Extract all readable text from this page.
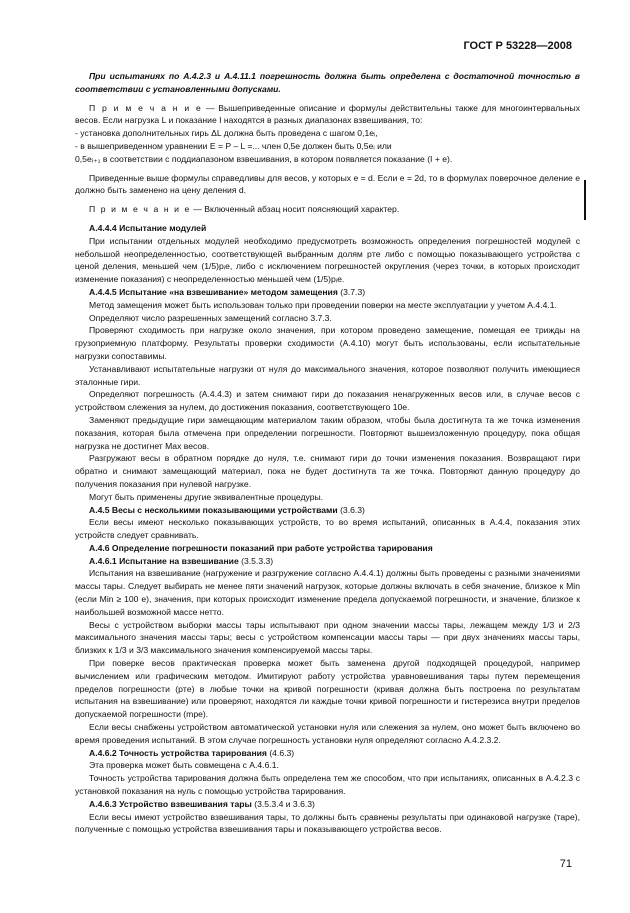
ГОСТ Р 53228—2008

При испытаниях по А.4.2.3 и А.4.11.1 погрешность должна быть определена с достаточной точностью в соответствии с установленными допусками.

П р и м е ч а н и е — Вышеприведенные описание и формулы действительны также для многоинтервальных весов. Если нагрузка L и показание I находятся в разных диапазонах взвешивания, то:

- установка дополнительных гирь ΔL должна быть проведена с шагом 0,1eᵢ,

- в вышеприведенном уравнении E = P – L =... член 0,5e должен быть 0,5eᵢ или

0,5eᵢ₊₁ в соответствии с поддиапазоном взвешивания, в котором появляется показание (I + e).

Приведенные выше формулы справедливы для весов, у которых e = d. Если e = 2d, то в формулах поверочное деление e должно быть заменено на цену деления d.

П р и м е ч а н и е — Включенный абзац носит поясняющий характер.

А.4.4.4 Испытание модулей

При испытании отдельных модулей необходимо предусмотреть возможность определения погрешностей модулей с небольшой неопределенностью, соответствующей выбранным долям pтe либо с помощью показывающего устройства с ценой деления, меньшей чем (1/5)pᵢe, либо с исключением погрешностей округления (через точки, в которых происходит изменение показания) с неопределенностью меньшей чем (1/5)pᵢe.

А.4.4.5 Испытание «на взвешивание» методом замещения (3.7.3)

Метод замещения может быть использован только при проведении поверки на месте эксплуатации у учетом А.4.4.1.

Определяют число разрешенных замещений согласно 3.7.3.

Проверяют сходимость при нагрузке около значения, при котором проведено замещение, помещая ее трижды на грузоприемную платформу. Результаты проверки сходимости (А.4.10) могут быть использованы, если испытательные нагрузки сопоставимы.

Устанавливают испытательные нагрузки от нуля до максимального значения, которое позволяют получить имеющиеся эталонные гири.

Определяют погрешность (А.4.4.3) и затем снимают гири до показания ненагруженных весов или, в случае весов с устройством слежения за нулем, до достижения показания, соответствующего 10e.

Заменяют предыдущие гири замещающим материалом таким образом, чтобы была достигнута та же точка изменения показания, которая была отмечена при определении погрешности. Повторяют вышеизложенную процедуру, пока общая нагрузка не достигнет Max весов.

Разгружают весы в обратном порядке до нуля, т.е. снимают гири до точки изменения показания. Возвращают гири обратно и снимают замещающий материал, пока не будет достигнута та же точка. Повторяют данную процедуру до получения показания при нулевой нагрузке.

Могут быть применены другие эквивалентные процедуры.

А.4.5 Весы с несколькими показывающими устройствами (3.6.3)

Если весы имеют несколько показывающих устройств, то во время испытаний, описанных в А.4.4, показания этих устройств следует сравнивать.

А.4.6 Определение погрешности показаний при работе устройства тарирования

А.4.6.1 Испытание на взвешивание (3.5.3.3)

Испытания на взвешивание (нагружение и разгружение согласно А.4.4.1) должны быть проведены с разными значениями массы тары. Следует выбирать не менее пяти значений нагрузок, которые должны включать в себя значение, близкое к Min (если Min ≥ 100 e), значения, при которых происходит изменение предела допускаемой погрешности, и значение, близкое к наибольшей возможной массе нетто.

Весы с устройством выборки массы тары испытывают при одном значении массы тары, лежащем между 1/3 и 2/3 максимального значения массы тары; весы с устройством компенсации массы тары — при двух значениях массы тары, близких к 1/3 и 3/3 максимального значения компенсируемой массы тары.

При поверке весов практическая проверка может быть заменена другой подходящей процедурой, например вычислением или графическим методом. Имитируют работу устройства уравновешивания тары путем перемещения пределов погрешности (pтe) в любые точки на кривой погрешности (кривая должна быть построена по результатам испытания на взвешивание) или проверяют, находятся ли каждые точки кривой погрешности и гистерезиса внутри пределов допускаемой погрешности (mpe).

Если весы снабжены устройством автоматической установки нуля или слежения за нулем, оно может быть включено во время проведения испытаний. В этом случае погрешность установки нуля определяют согласно А.4.2.3.2.

А.4.6.2 Точность устройства тарирования (4.6.3)

Эта проверка может быть совмещена с А.4.6.1.

Точность устройства тарирования должна быть определена тем же способом, что при испытаниях, описанных в А.4.2.3 с установкой показания на нуль с помощью устройства тарирования.

А.4.6.3 Устройство взвешивания тары (3.5.3.4 и 3.6.3)

Если весы имеют устройство взвешивания тары, то должны быть сравнены результаты при одинаковой нагрузке (таре), полученные с помощью устройства взвешивания тары и показывающего устройства весов.

71
